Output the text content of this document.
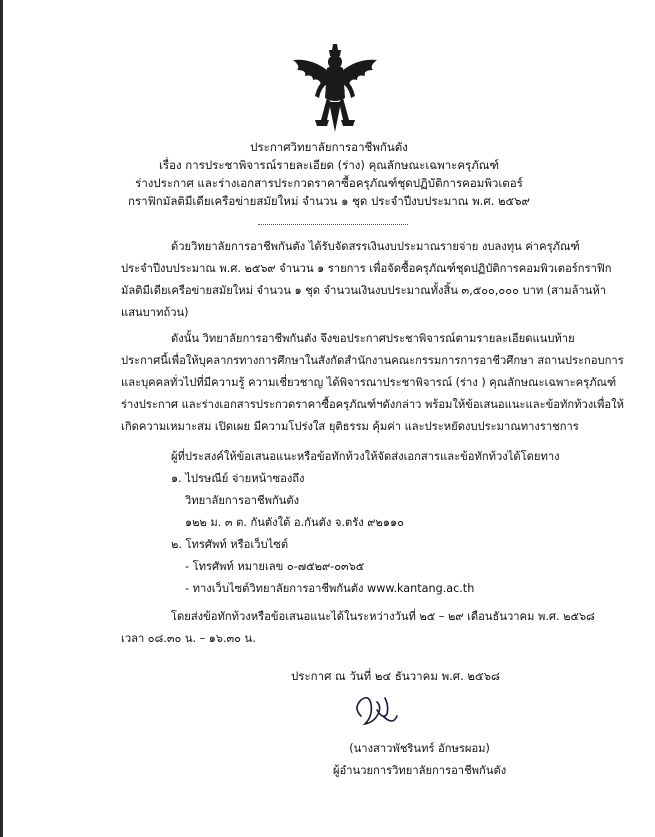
ประกาศวิทยาลัยการอาชีพกันตัง
เรื่อง การประชาพิจารณ์รายละเอียด (ร่าง) คุณลักษณะเฉพาะครุภัณฑ์
ร่างประกาศ และร่างเอกสารประกวดราคาซื้อครุภัณฑ์ชุดปฏิบัติการคอมพิวเตอร์
กราฟิกมัลติมีเดียเครือข่ายสมัยใหม่ จำนวน ๑ ชุด ประจำปีงบประมาณ พ.ศ. ๒๕๖๙
ด้วยวิทยาลัยการอาชีพกันตัง ได้รับจัดสรรเงินงบประมาณรายจ่าย งบลงทุน ค่าครุภัณฑ์
ประจำปีงบประมาณ พ.ศ. ๒๕๖๙ จำนวน ๑ รายการ เพื่อจัดซื้อครุภัณฑ์ชุดปฏิบัติการคอมพิวเตอร์กราฟิก
มัลติมีเดียเครือข่ายสมัยใหม่ จำนวน ๑ ชุด จำนวนเงินงบประมาณทั้งสิ้น ๓,๕๐๐,๐๐๐ บาท (สามล้านห้า
แสนบาทถ้วน)
ดังนั้น วิทยาลัยการอาชีพกันตัง จึงขอประกาศประชาพิจารณ์ตามรายละเอียดแนบท้าย
ประกาศนี้เพื่อให้บุคลากรทางการศึกษาในสังกัดสำนักงานคณะกรรมการการอาชีวศึกษา สถานประกอบการ
และบุคคลทั่วไปที่มีความรู้ ความเชี่ยวชาญ ได้พิจารณาประชาพิจารณ์ (ร่าง ) คุณลักษณะเฉพาะครุภัณฑ์
ร่างประกาศ และร่างเอกสารประกวดราคาซื้อครุภัณฑ์ฯดังกล่าว พร้อมให้ข้อเสนอแนะและข้อทักท้วงเพื่อให้
เกิดความเหมาะสม เปิดเผย มีความโปร่งใส ยุติธรรม คุ้มค่า และประหยัดงบประมาณทางราชการ
ผู้ที่ประสงค์ให้ข้อเสนอแนะหรือข้อทักท้วงให้จัดส่งเอกสารและข้อทักท้วงได้โดยทาง
๑. ไปรษณีย์ จ่ายหน้าซองถึง
วิทยาลัยการอาชีพกันตัง
๑๒๒ ม. ๓ ต. กันตังใต้ อ.กันตัง จ.ตรัง ๙๒๑๑๐
๒. โทรศัพท์ หรือเว็บไซต์
- โทรศัพท์ หมายเลข ๐-๗๕๒๙-๐๓๖๕
- ทางเว็บไซต์วิทยาลัยการอาชีพกันตัง www.kantang.ac.th
โดยส่งข้อทักท้วงหรือข้อเสนอแนะได้ในระหว่างวันที่ ๒๕ – ๒๙ เดือนธันวาคม พ.ศ. ๒๕๖๘
เวลา ๐๘.๓๐ น. – ๑๖.๓๐ น.
ประกาศ ณ วันที่ ๒๔ ธันวาคม พ.ศ. ๒๕๖๘
(นางสาวพัชรินทร์ อักษรผอม)
ผู้อำนวยการวิทยาลัยการอาชีพกันตัง
